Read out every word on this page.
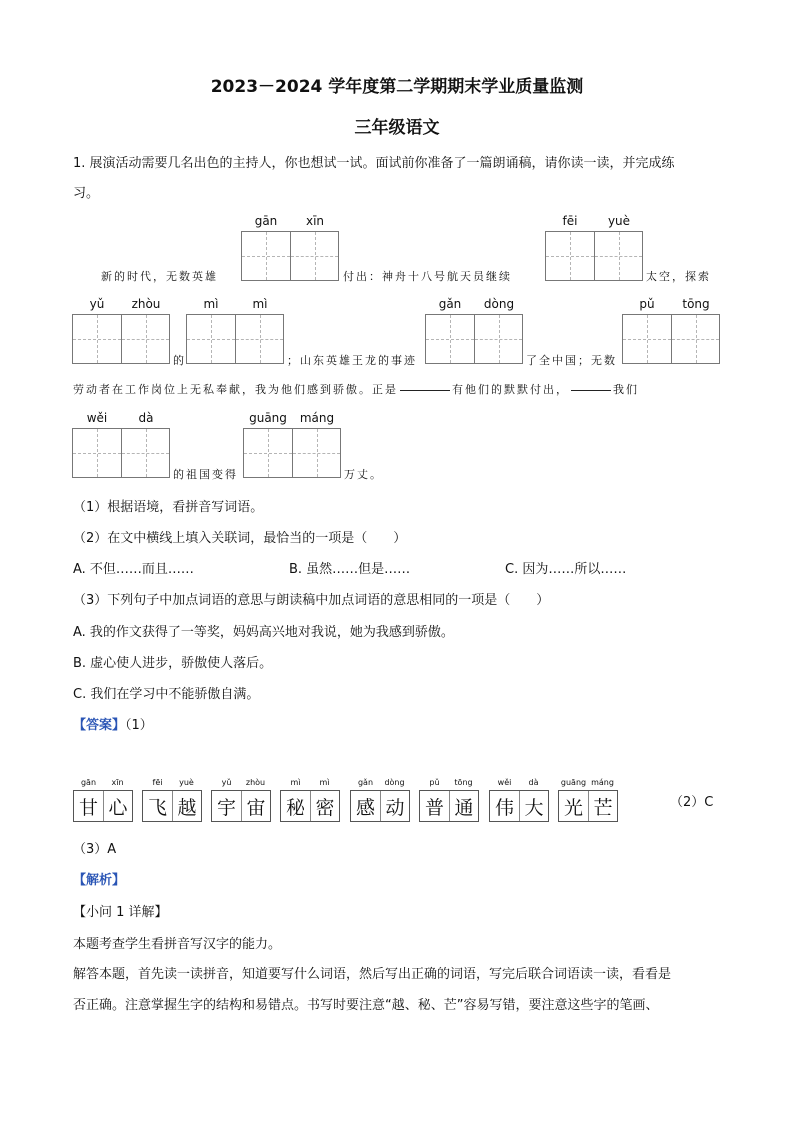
2023－2024 学年度第二学期期末学业质量监测
三年级语文
1. 展演活动需要几名出色的主持人，你也想试一试。面试前你准备了一篇朗诵稿，请你读一读，并完成练
习。
gān	xīn	fēi	yuè
新的时代，无数英雄	付出：神舟十八号航天员继续	太空，探索
yǔ	zhòu
的
mì	mì
；山东英雄王龙的事迹
gǎn	dòng
了全中国；无数
pǔ	tōng
劳动者在工作岗位上无私奉献，我为他们感到骄傲。正是	有他们的默默付出，	我们
wěi	dà
的祖国变得
guāng	máng
万丈。
（1）根据语境，看拼音写词语。
（2）在文中横线上填入关联词，最恰当的一项是（　　）
A. 不但……而且……	B. 虽然……但是……	C. 因为……所以……
（3）下列句子中加点词语的意思与朗读稿中加点词语的意思相同的一项是（　　）
A. 我的作文获得了一等奖，妈妈高兴地对我说，她为我感到骄傲。
B. 虚心使人进步，骄傲使人落后。
C. 我们在学习中不能骄傲自满。
【答案】（1）
gān	xīn
甘 心
fēi	yuè
飞 越
yǔ	zhòu
宇 宙
mì	mì
秘 密
gǎn	dòng
感 动
pǔ	tōng
普 通
wěi	dà
伟 大
guāng máng
光 芒	（2）C
（3）A
【解析】
【小问 1 详解】
本题考查学生看拼音写汉字的能力。
解答本题，首先读一读拼音，知道要写什么词语，然后写出正确的词语，写完后联合词语读一读，看看是
否正确。注意掌握生字的结构和易错点。书写时要注意“越、秘、芒”容易写错，要注意这些字的笔画、
